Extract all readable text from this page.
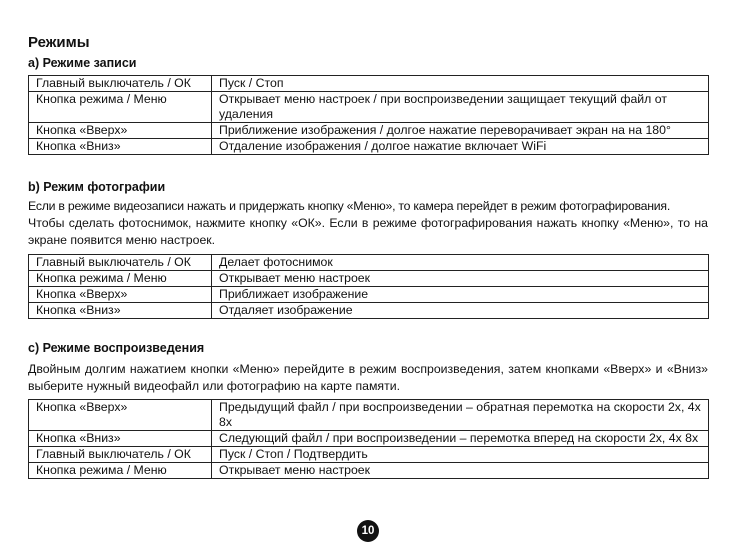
Режимы
a) Режиме записи
Главный выключатель / ОК	Пуск / Стоп
Кнопка режима / Меню	Открывает меню настроек / при воспроизведении защищает текущий файл от удаления
Кнопка «Вверх»	Приближение изображения / долгое нажатие переворачивает экран на на 180°
Кнопка «Вниз»	Отдаление изображения / долгое нажатие включает WiFi
b) Режим фотографии
Если в режиме видеозаписи нажать и придержать кнопку «Меню», то камера перейдет в режим фотографирования.
Чтобы сделать фотоснимок, нажмите кнопку «ОК». Если в режиме фотографирования нажать кнопку «Меню», то на экране появится меню настроек.
Главный выключатель / ОК	Делает фотоснимок
Кнопка режима / Меню	Открывает меню настроек
Кнопка «Вверх»	Приближает изображение
Кнопка «Вниз»	Отдаляет изображение
c) Режиме воспроизведения
Двойным долгим нажатием кнопки «Меню» перейдите в режим воспроизведения, затем кнопками «Вверх» и «Вниз» выберите нужный видеофайл или фотографию на карте памяти.
Кнопка «Вверх»	Предыдущий файл / при воспроизведении – обратная перемотка на скорости 2x, 4x 8x
Кнопка «Вниз»	Следующий файл / при воспроизведении – перемотка вперед на скорости 2x, 4x 8x
Главный выключатель / ОК	Пуск / Стоп / Подтвердить
Кнопка режима / Меню	Открывает меню настроек
10
